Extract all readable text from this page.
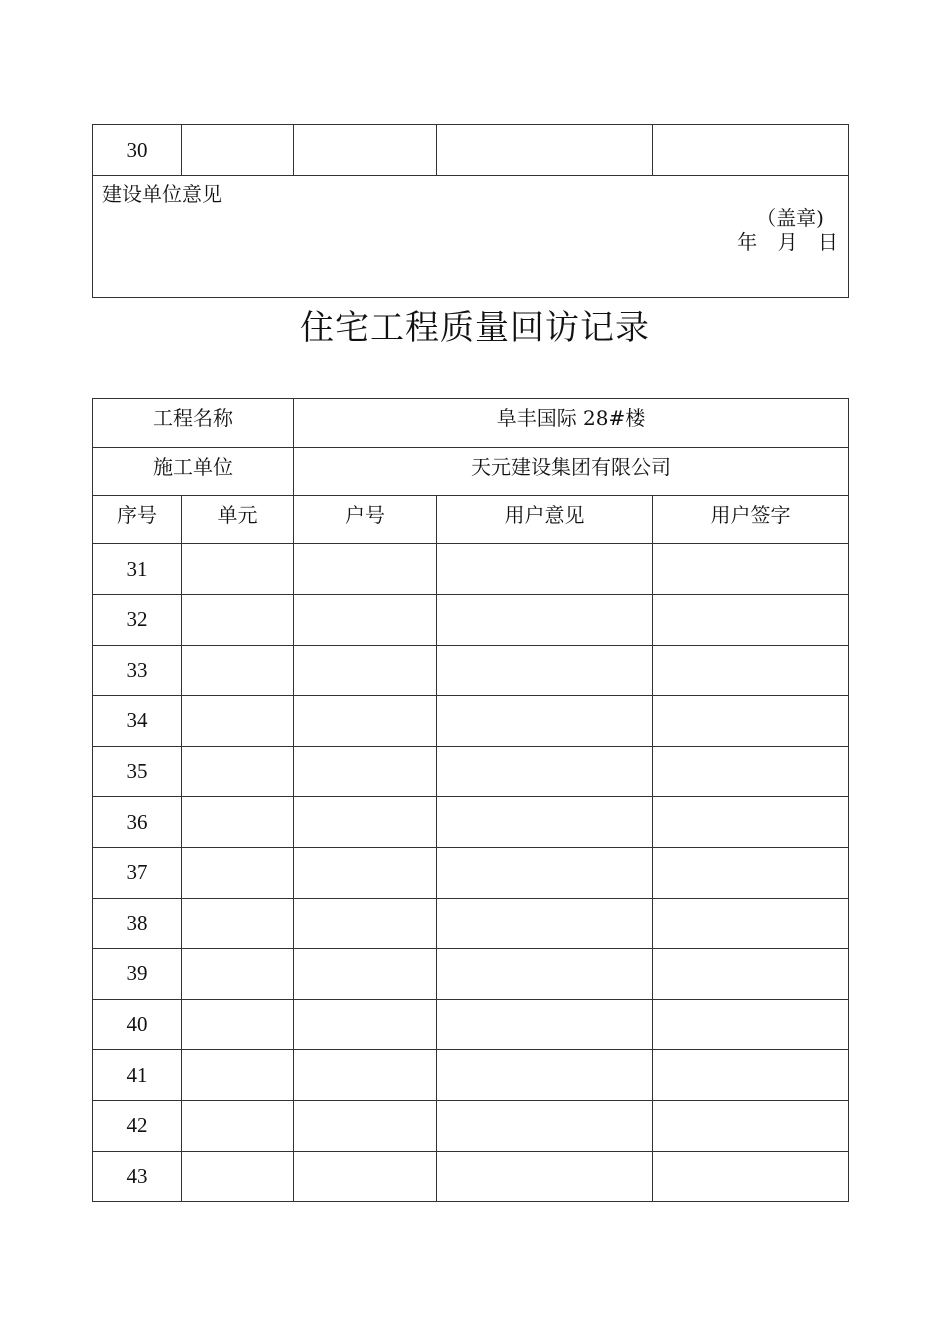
30				

建设单位意见
（盖章)
年 月 日
住宅工程质量回访记录
工程名称		阜丰国际 28#楼		
施工单位		天元建设集团有限公司		
序号	单元	户号	用户意见	用户签字
31				
32				
33				
34				
35				
36				
37				
38				
39				
40				
41				
42				
43				
